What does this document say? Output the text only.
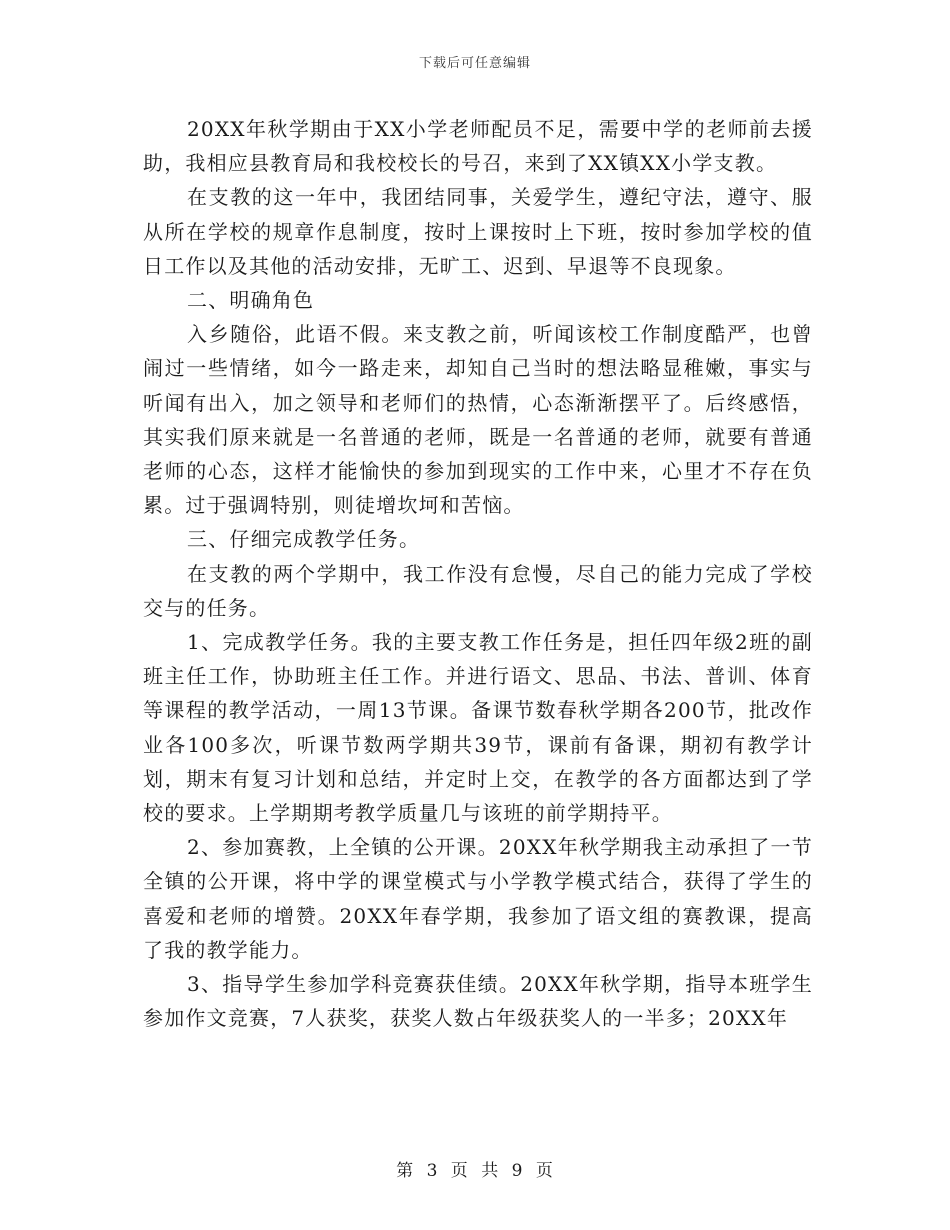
下载后可任意编辑

20XX年秋学期由于XX小学老师配员不足，需要中学的老师前去援助，我相应县教育局和我校校长的号召，来到了XX镇XX小学支教。

在支教的这一年中，我团结同事，关爱学生，遵纪守法，遵守、服从所在学校的规章作息制度，按时上课按时上下班，按时参加学校的值日工作以及其他的活动安排，无旷工、迟到、早退等不良现象。

二、明确角色

入乡随俗，此语不假。来支教之前，听闻该校工作制度酷严，也曾闹过一些情绪，如今一路走来，却知自己当时的想法略显稚嫩，事实与听闻有出入，加之领导和老师们的热情，心态渐渐摆平了。后终感悟，其实我们原来就是一名普通的老师，既是一名普通的老师，就要有普通老师的心态，这样才能愉快的参加到现实的工作中来，心里才不存在负累。过于强调特别，则徒增坎坷和苦恼。

三、仔细完成教学任务。

在支教的两个学期中，我工作没有怠慢，尽自己的能力完成了学校交与的任务。

1、完成教学任务。我的主要支教工作任务是，担任四年级2班的副班主任工作，协助班主任工作。并进行语文、思品、书法、普训、体育等课程的教学活动，一周13节课。备课节数春秋学期各200节，批改作业各100多次，听课节数两学期共39节，课前有备课，期初有教学计划，期末有复习计划和总结，并定时上交，在教学的各方面都达到了学校的要求。上学期期考教学质量几与该班的前学期持平。

2、参加赛教，上全镇的公开课。20XX年秋学期我主动承担了一节全镇的公开课，将中学的课堂模式与小学教学模式结合，获得了学生的喜爱和老师的增赞。20XX年春学期，我参加了语文组的赛教课，提高了我的教学能力。

3、指导学生参加学科竞赛获佳绩。20XX年秋学期，指导本班学生参加作文竞赛，7人获奖，获奖人数占年级获奖人的一半多；20XX年

第 3 页 共 9 页
